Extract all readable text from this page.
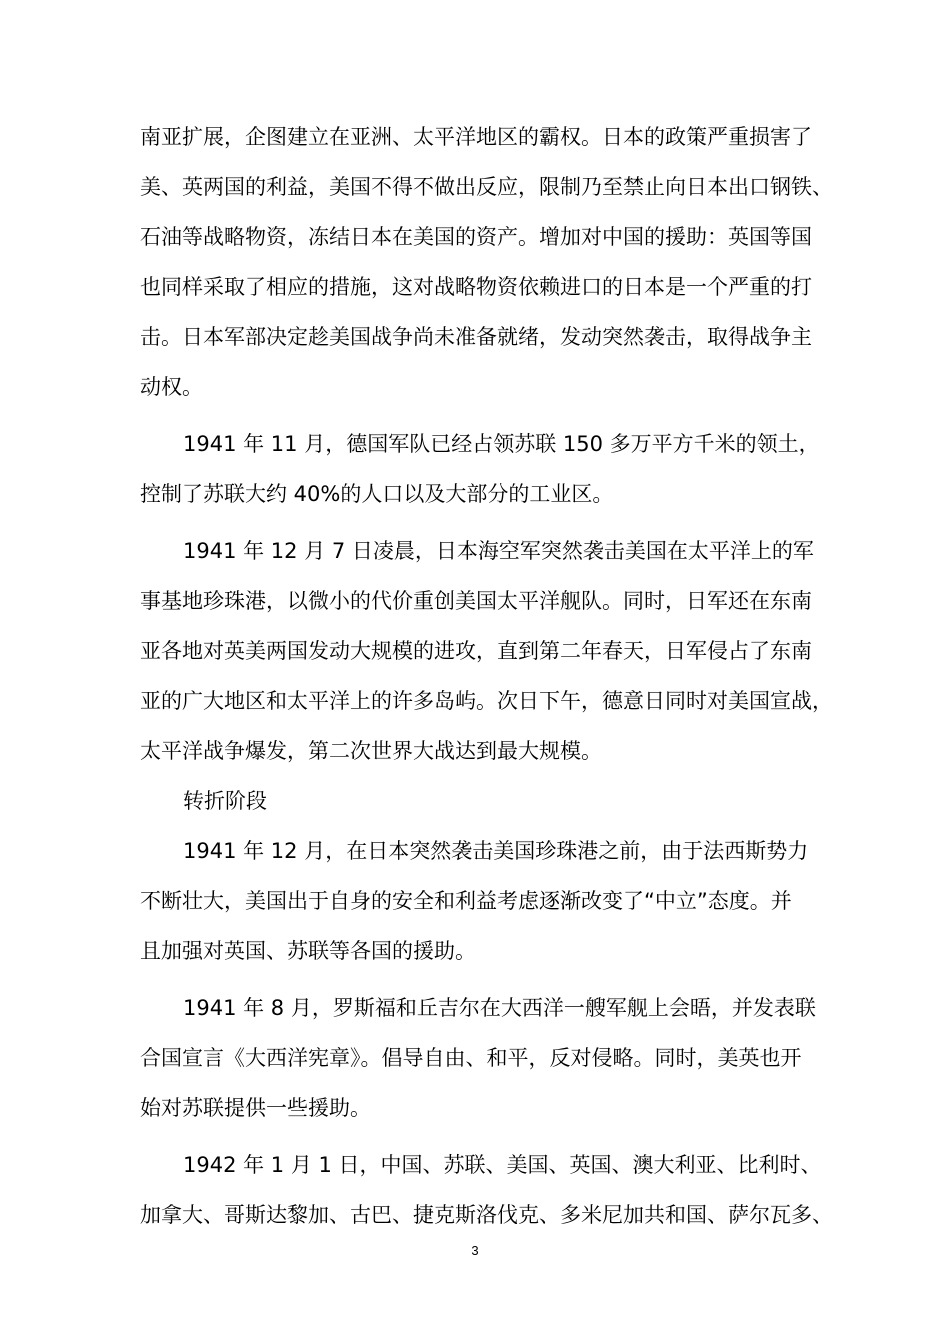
南亚扩展，企图建立在亚洲、太平洋地区的霸权。日本的政策严重损害了
美、英两国的利益，美国不得不做出反应，限制乃至禁止向日本出口钢铁、
石油等战略物资，冻结日本在美国的资产。增加对中国的援助：英国等国
也同样采取了相应的措施，这对战略物资依赖进口的日本是一个严重的打
击。日本军部决定趁美国战争尚未准备就绪，发动突然袭击，取得战争主
动权。
1941 年 11 月，德国军队已经占领苏联 150 多万平方千米的领土，
控制了苏联大约 40%的人口以及大部分的工业区。
1941 年 12 月 7 日凌晨，日本海空军突然袭击美国在太平洋上的军
事基地珍珠港，以微小的代价重创美国太平洋舰队。同时，日军还在东南
亚各地对英美两国发动大规模的进攻，直到第二年春天，日军侵占了东南
亚的广大地区和太平洋上的许多岛屿。次日下午，德意日同时对美国宣战，
太平洋战争爆发，第二次世界大战达到最大规模。
转折阶段
1941 年 12 月，在日本突然袭击美国珍珠港之前，由于法西斯势力
不断壮大，美国出于自身的安全和利益考虑逐渐改变了“中立”态度。并
且加强对英国、苏联等各国的援助。
1941 年 8 月，罗斯福和丘吉尔在大西洋一艘军舰上会晤，并发表联
合国宣言《大西洋宪章》。倡导自由、和平，反对侵略。同时，美英也开
始对苏联提供一些援助。
1942 年 1 月 1 日，中国、苏联、美国、英国、澳大利亚、比利时、
加拿大、哥斯达黎加、古巴、捷克斯洛伐克、多米尼加共和国、萨尔瓦多、
3
